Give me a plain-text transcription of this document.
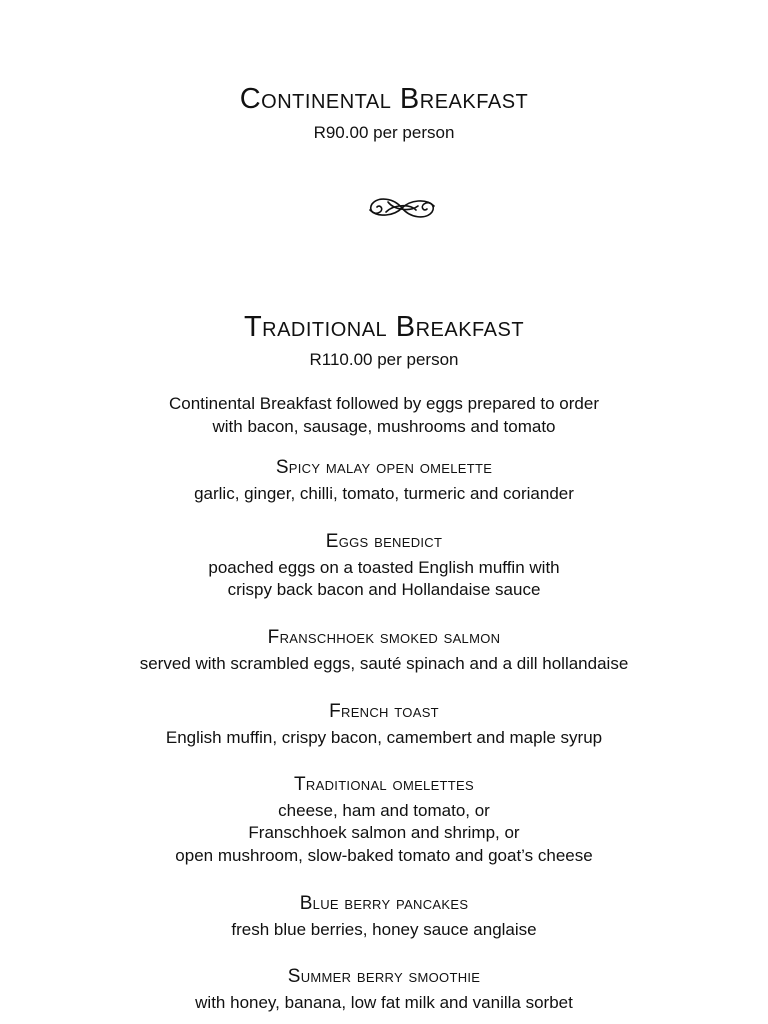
Continental Breakfast
R90.00 per person
Traditional Breakfast
R110.00 per person
Continental Breakfast followed by eggs prepared to order
with bacon, sausage, mushrooms and tomato
Spicy malay open omelette
garlic, ginger, chilli, tomato, turmeric and coriander
Eggs benedict
poached eggs on a toasted English muffin with
crispy back bacon and Hollandaise sauce
Franschhoek smoked salmon
served with scrambled eggs, sauté spinach and a dill hollandaise
French toast
English muffin, crispy bacon, camembert and maple syrup
Traditional omelettes
cheese, ham and tomato, or
Franschhoek salmon and shrimp, or
open mushroom, slow-baked tomato and goat’s cheese
Blue berry pancakes
fresh blue berries, honey sauce anglaise
Summer berry smoothie
with honey, banana, low fat milk and vanilla sorbet
